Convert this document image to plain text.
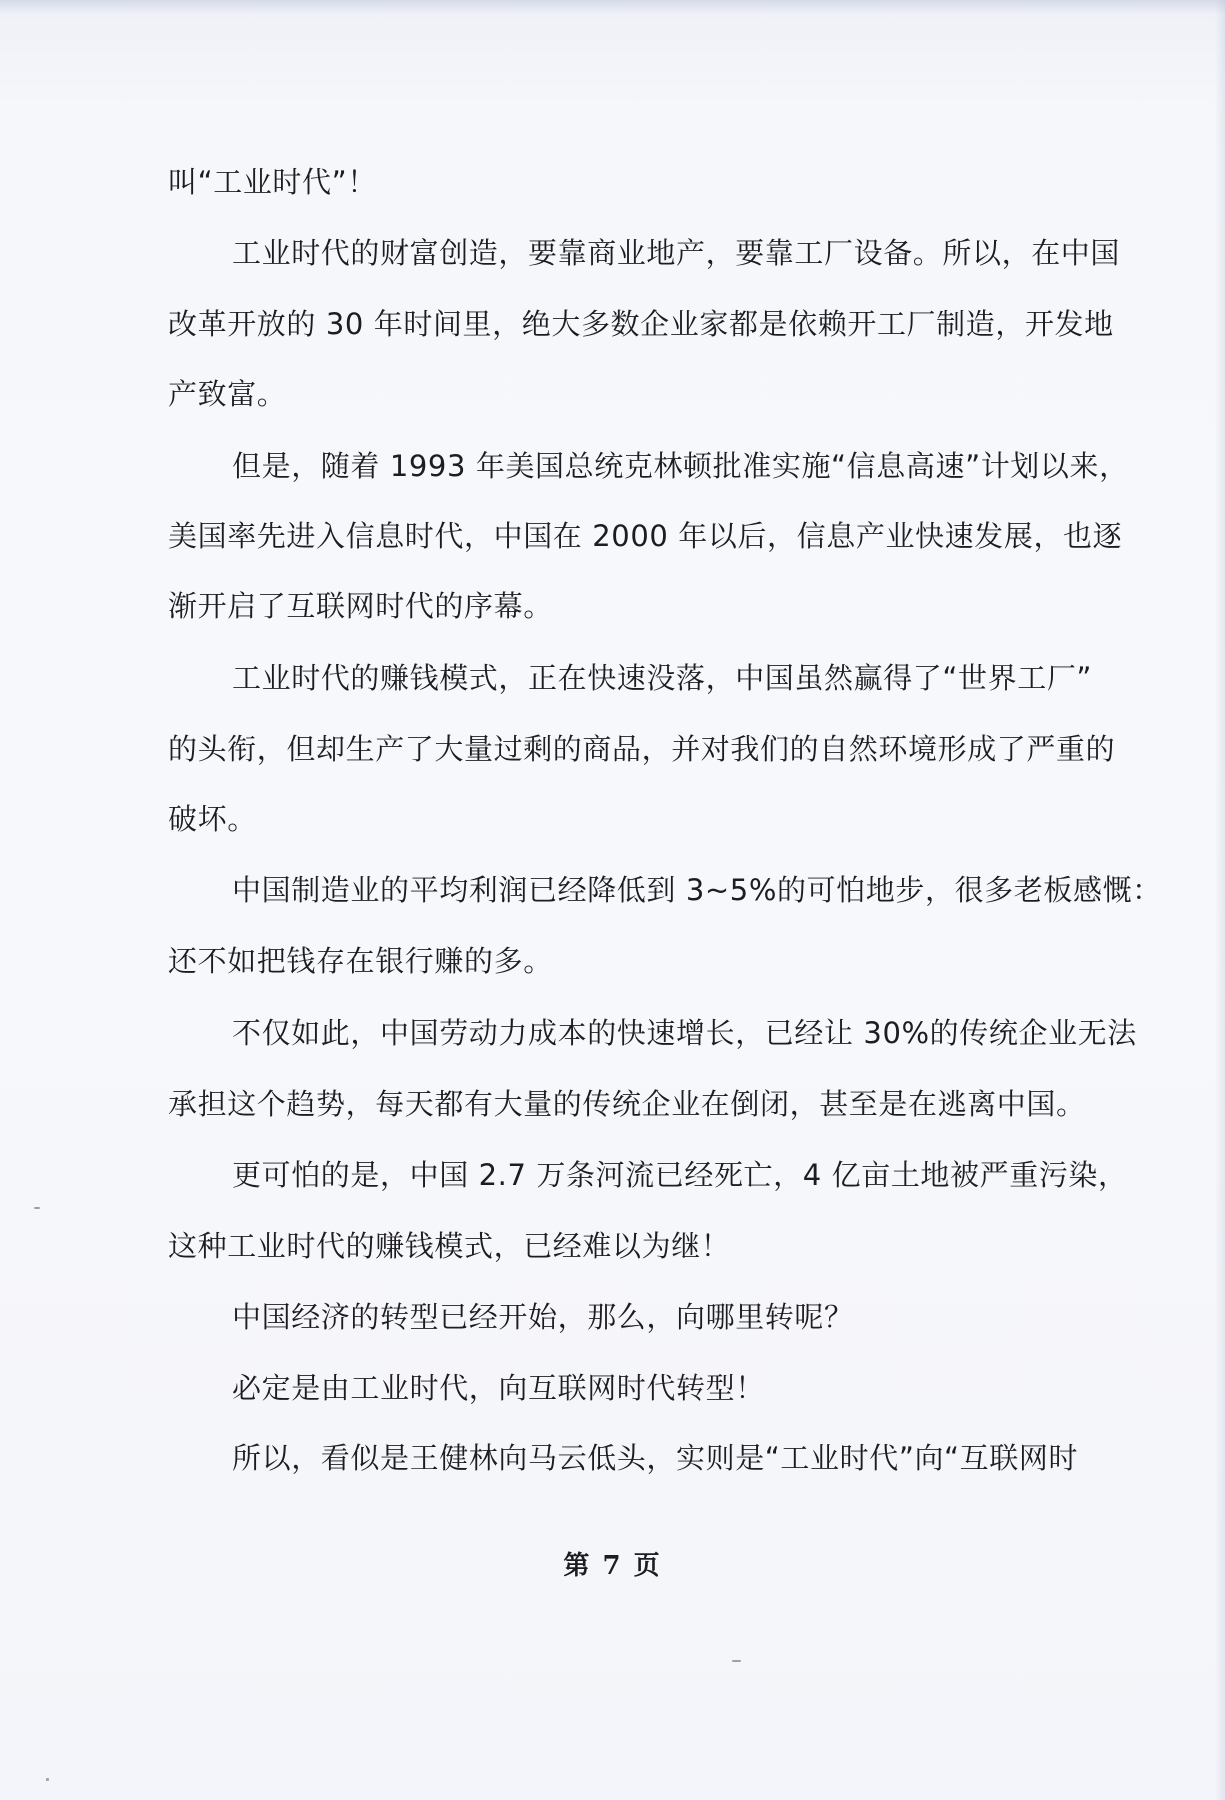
叫“工业时代”！
工业时代的财富创造，要靠商业地产，要靠工厂设备。所以，在中国
改革开放的 30 年时间里，绝大多数企业家都是依赖开工厂制造，开发地
产致富。
但是，随着 1993 年美国总统克林顿批准实施“信息高速”计划以来，
美国率先进入信息时代，中国在 2000 年以后，信息产业快速发展，也逐
渐开启了互联网时代的序幕。
工业时代的赚钱模式，正在快速没落，中国虽然赢得了“世界工厂”
的头衔，但却生产了大量过剩的商品，并对我们的自然环境形成了严重的
破坏。
中国制造业的平均利润已经降低到 3~5%的可怕地步，很多老板感慨：
还不如把钱存在银行赚的多。
不仅如此，中国劳动力成本的快速增长，已经让 30%的传统企业无法
承担这个趋势，每天都有大量的传统企业在倒闭，甚至是在逃离中国。
更可怕的是，中国 2.7 万条河流已经死亡，4 亿亩土地被严重污染，
这种工业时代的赚钱模式，已经难以为继！
中国经济的转型已经开始，那么，向哪里转呢？
必定是由工业时代，向互联网时代转型！
所以，看似是王健林向马云低头，实则是“工业时代”向“互联网时
第 7 页
